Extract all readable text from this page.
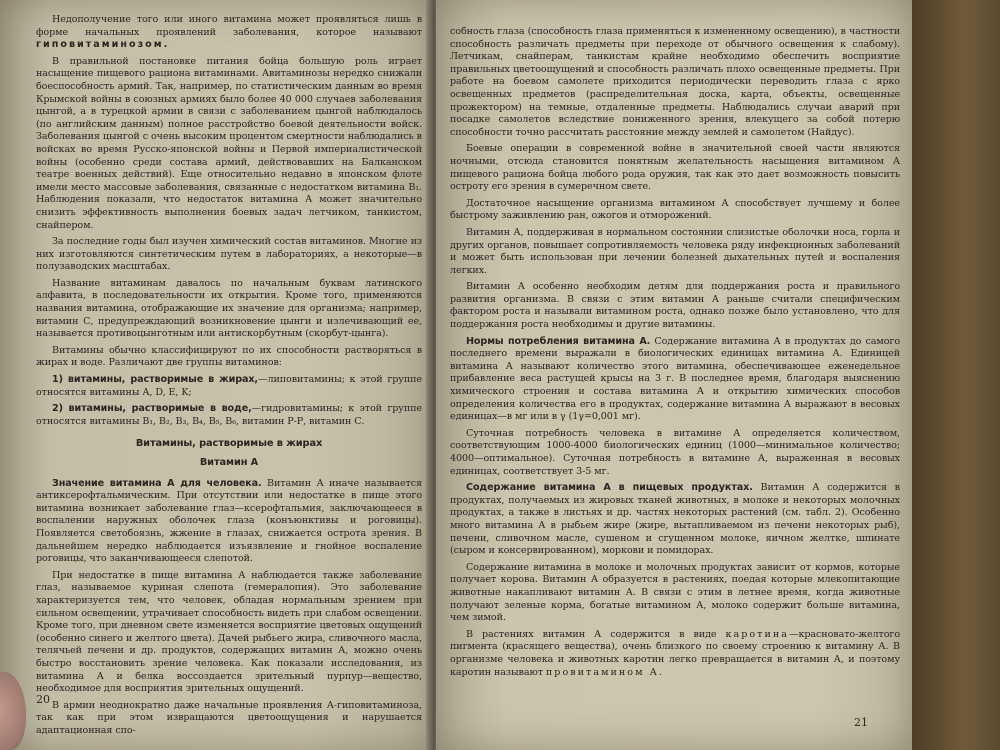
Недополучение того или иного витамина может проявляться лишь в форме начальных проявлений заболевания, которое называют гиповитаминозом.

В правильной постановке питания бойца большую роль играет насыщение пищевого рациона витаминами. Авитаминозы нередко снижали боеспособность армий. Так, например, по статистическим данным во время Крымской войны в союзных армиях было более 40 000 случаев заболевания цынгой, а в турецкой армии в связи с заболеванием цынгой наблюдалось (по английским данным) полное расстройство боевой деятельности войск. Заболевания цынгой с очень высоким процентом смертности наблюдались в войсках во время Русско-японской войны и Первой империалистической войны (особенно среди состава армий, действовавших на Балканском театре военных действий). Еще относительно недавно в японском флоте имели место массовые заболевания, связанные с недостатком витамина B₁. Наблюдения показали, что недостаток витамина А может значительно снизить эффективность выполнения боевых задач летчиком, танкистом, снайпером.

За последние годы был изучен химический состав витаминов. Многие из них изготовляются синтетическим путем в лабораториях, а некоторые—в полузаводских масштабах.

Название витаминам давалось по начальным буквам латинского алфавита, в последовательности их открытия. Кроме того, применяются названия витамина, отображающие их значение для организма; например, витамин С, предупреждающий возникновение цынги и излечивающий ее, называется противоцынготным или антискорбутным (скорбут-цынга).

Витамины обычно классифицируют по их способности растворяться в жирах и воде. Различают две группы витаминов:

1) витамины, растворимые в жирах,—липовитамины; к этой группе относятся витамины А, D, Е, K;

2) витамины, растворимые в воде,—гидровитамины; к этой группе относятся витамины B₁, B₂, B₃, B₄, B₅, B₆, витамин Р-Р, витамин С.

Витамины, растворимые в жирах
Витамин А

Значение витамина А для человека. Витамин А иначе называется антиксерофтальмическим. При отсутствии или недостатке в пище этого витамина возникает заболевание глаз—ксерофтальмия, заключающееся в воспалении наружных оболочек глаза (конъюнктивы и роговицы). Появляется светобоязнь, жжение в глазах, снижается острота зрения. В дальнейшем нередко наблюдается изъязвление и гнойное воспаление роговицы, что заканчивающееся слепотой.

При недостатке в пище витамина А наблюдается также заболевание глаз, называемое куриная слепота (гемералопия). Это заболевание характеризуется тем, что человек, обладая нормальным зрением при сильном освещении, утрачивает способность видеть при слабом освещении. Кроме того, при дневном свете изменяется восприятие цветовых ощущений (особенно синего и желтого цвета). Дачей рыбьего жира, сливочного масла, телячьей печени и др. продуктов, содержащих витамин А, можно очень быстро восстановить зрение человека. Как показали исследования, из витамина А и белка воссоздается зрительный пурпур—вещество, необходимое для восприятия зрительных ощущений.

В армии неоднократно даже начальные проявления А-гиповитаминоза, так как при этом извращаются цветоощущения и нарушается адаптационная спо-

20

собность глаза (способность глаза применяться к измененному освещению), в частности способность различать предметы при переходе от обычного освещения к слабому). Летчикам, снайперам, танкистам крайне необходимо обеспечить восприятие правильных цветоощущений и способность различать плохо освещенные предметы. При работе на боевом самолете приходится периодически переводить глаза с ярко освещенных предметов (распределительная доска, карта, объекты, освещенные прожектором) на темные, отдаленные предметы. Наблюдались случаи аварий при посадке самолетов вследствие пониженного зрения, влекущего за собой потерю способности точно рассчитать расстояние между землей и самолетом (Найдус).

Боевые операции в современной войне в значительной своей части являются ночными, отсюда становится понятным желательность насыщения витамином А пищевого рациона бойца любого рода оружия, так как это дает возможность повысить остроту его зрения в сумеречном свете.

Достаточное насыщение организма витамином А способствует лучшему и более быстрому заживлению ран, ожогов и отморожений.

Витамин А, поддерживая в нормальном состоянии слизистые оболочки носа, горла и других органов, повышает сопротивляемость человека ряду инфекционных заболеваний и может быть использован при лечении болезней дыхательных путей и воспаления легких.

Витамин А особенно необходим детям для поддержания роста и правильного развития организма. В связи с этим витамин А раньше считали специфическим фактором роста и называли витамином роста, однако позже было установлено, что для поддержания роста необходимы и другие витамины.

Нормы потребления витамина А. Содержание витамина А в продуктах до самого последнего времени выражали в биологических единицах витамина А. Единицей витамина А называют количество этого витамина, обеспечивающее еженедельное прибавление веса растущей крысы на 3 г. В последнее время, благодаря выяснению химического строения и состава витамина А и открытию химических способов определения количества его в продуктах, содержание витамина А выражают в весовых единицах—в мг или в γ (1γ=0,001 мг).

Суточная потребность человека в витамине А определяется количеством, соответствующим 1000-4000 биологических единиц (1000—минимальное количество; 4000—оптимальное). Суточная потребность в витамине А, выраженная в весовых единицах, соответствует 3-5 мг.

Содержание витамина А в пищевых продуктах. Витамин А содержится в продуктах, получаемых из жировых тканей животных, в молоке и некоторых молочных продуктах, а также в листьях и др. частях некоторых растений (см. табл. 2). Особенно много витамина А в рыбьем жире (жире, вытапливаемом из печени некоторых рыб), печени, сливочном масле, сушеном и сгущенном молоке, яичном желтке, шпинате (сыром и консервированном), моркови и помидорах.

Содержание витамина в молоке и молочных продуктах зависит от кормов, которые получает корова. Витамин А образуется в растениях, поедая которые млекопитающие животные накапливают витамин А. В связи с этим в летнее время, когда животные получают зеленые корма, богатые витамином А, молоко содержит больше витамина, чем зимой.

В растениях витамин А содержится в виде каротина—красновато-желтого пигмента (красящего вещества), очень близкого по своему строению к витамину А. В организме человека и животных каротин легко превращается в витамин А, и поэтому каротин называют провитамином А.

21
